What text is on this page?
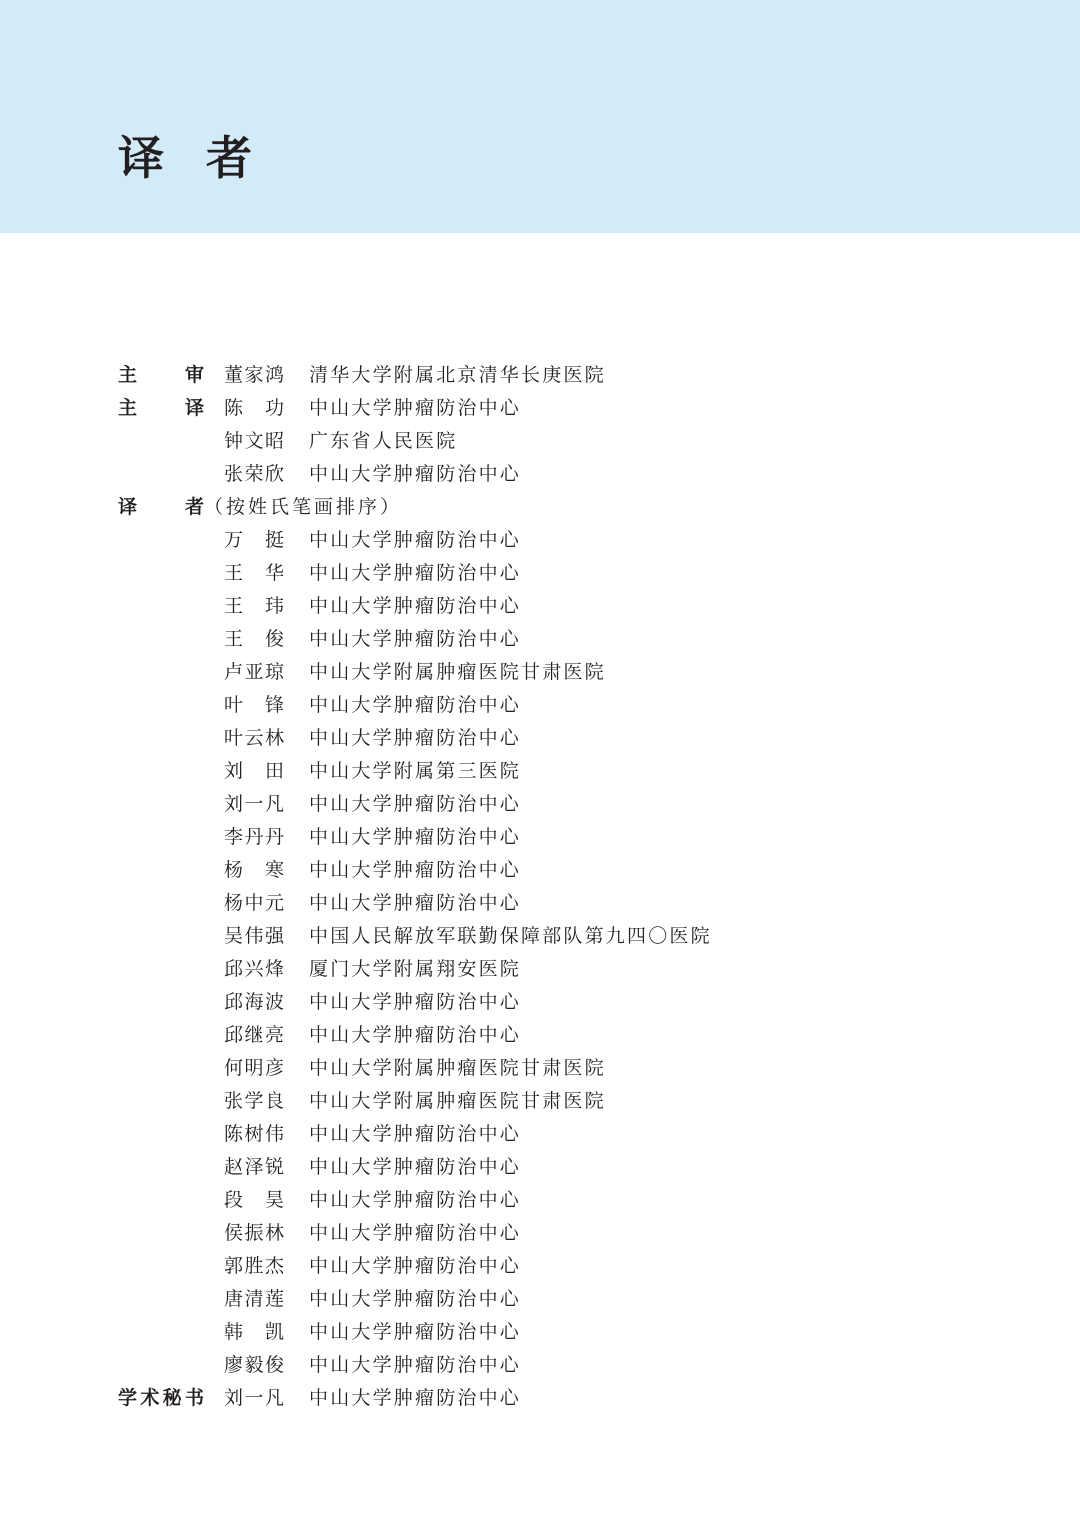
译者
主审 董家鸿 清华大学附属北京清华长庚医院
主译 陈功 中山大学肿瘤防治中心
钟文昭 广东省人民医院
张荣欣 中山大学肿瘤防治中心
译者 （按姓氏笔画排序）
万挺 中山大学肿瘤防治中心
王华 中山大学肿瘤防治中心
王玮 中山大学肿瘤防治中心
王俊 中山大学肿瘤防治中心
卢亚琼 中山大学附属肿瘤医院甘肃医院
叶锋 中山大学肿瘤防治中心
叶云林 中山大学肿瘤防治中心
刘田 中山大学附属第三医院
刘一凡 中山大学肿瘤防治中心
李丹丹 中山大学肿瘤防治中心
杨寒 中山大学肿瘤防治中心
杨中元 中山大学肿瘤防治中心
吴伟强 中国人民解放军联勤保障部队第九四〇医院
邱兴烽 厦门大学附属翔安医院
邱海波 中山大学肿瘤防治中心
邱继亮 中山大学肿瘤防治中心
何明彦 中山大学附属肿瘤医院甘肃医院
张学良 中山大学附属肿瘤医院甘肃医院
陈树伟 中山大学肿瘤防治中心
赵泽锐 中山大学肿瘤防治中心
段昊 中山大学肿瘤防治中心
侯振林 中山大学肿瘤防治中心
郭胜杰 中山大学肿瘤防治中心
唐清莲 中山大学肿瘤防治中心
韩凯 中山大学肿瘤防治中心
廖毅俊 中山大学肿瘤防治中心
学术秘书 刘一凡 中山大学肿瘤防治中心
